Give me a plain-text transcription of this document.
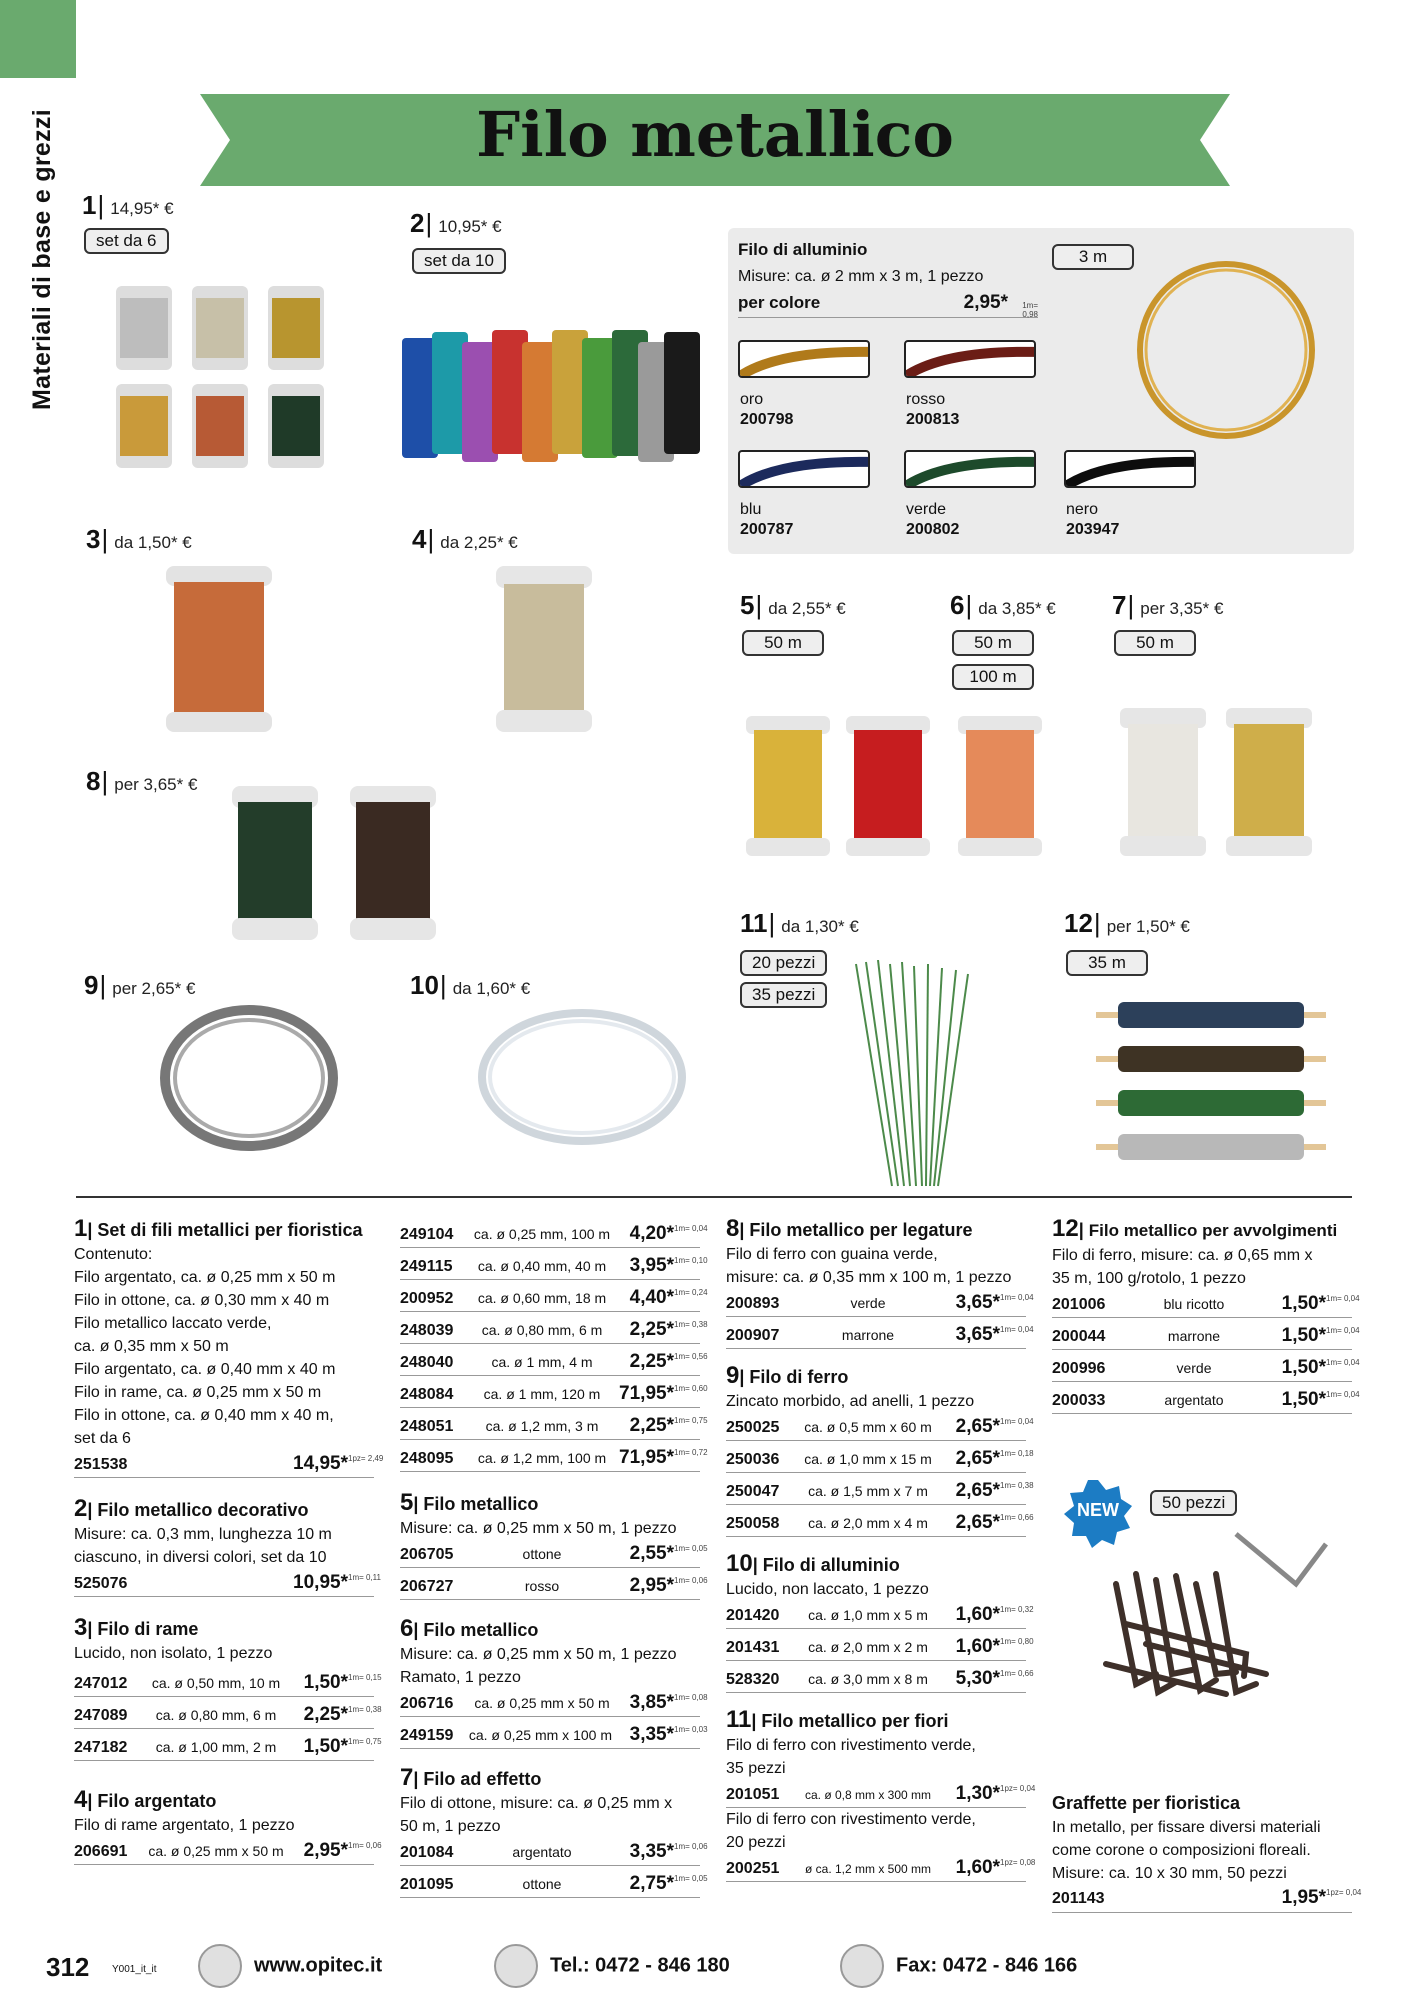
Materiali di base e grezzi	Filo metallico
1 | 14,95* €
set da 6
2 | 10,95* €
set da 10
Filo di alluminio
Misure: ca. ø 2 mm x 3 m, 1 pezzo
per colore	2,95*	1m= 0,98
3 m
oro
200798
rosso
200813
blu
200787
verde
200802
nero
203947
3 | da 1,50* €	4 | da 2,25* €
5 | da 2,55* €
50 m
6 | da 3,85* €
50 m
100 m
7 | per 3,35* €
50 m
8 | per 3,65* €
9 | per 2,65* €	10 | da 1,60* €
11 | da 1,30* €
20 pezzi
35 pezzi
12 | per 1,50* €
35 m
1| Set di fili metallici per fioristica
Contenuto:
Filo argentato, ca. ø 0,25 mm x 50 m
Filo in ottone, ca. ø 0,30 mm x 40 m
Filo metallico laccato verde,
ca. ø 0,35 mm x 50 m
Filo argentato, ca. ø 0,40 mm x 40 m
Filo in rame, ca. ø 0,25 mm x 50 m
Filo in ottone, ca. ø 0,40 mm x 40 m,
set da 6
251538	14,95* 1pz= 2,49
2| Filo metallico decorativo
Misure: ca. 0,3 mm, lunghezza 10 m
ciascuno, in diversi colori, set da 10
525076	10,95* 1m= 0,11
3| Filo di rame
Lucido, non isolato, 1 pezzo
247012	ca. ø 0,50 mm, 10 m	1,50* 1m= 0,15
247089	ca. ø 0,80 mm, 6 m	2,25* 1m= 0,38
247182	ca. ø 1,00 mm, 2 m	1,50* 1m= 0,75
4| Filo argentato
Filo di rame argentato, 1 pezzo
206691	ca. ø 0,25 mm x 50 m	2,95* 1m= 0,06
249104	ca. ø 0,25 mm, 100 m	4,20* 1m= 0,04
249115	ca. ø 0,40 mm, 40 m	3,95* 1m= 0,10
200952	ca. ø 0,60 mm, 18 m	4,40* 1m= 0,24
248039	ca. ø 0,80 mm, 6 m	2,25* 1m= 0,38
248040	ca. ø 1 mm, 4 m	2,25* 1m= 0,56
248084	ca. ø 1 mm, 120 m 71,95* 1m= 0,60
248051	ca. ø 1,2 mm, 3 m	2,25* 1m= 0,75
248095	ca. ø 1,2 mm, 100 m 71,95* 1m= 0,72
5| Filo metallico
Misure: ca. ø 0,25 mm x 50 m, 1 pezzo
206705	ottone	2,55* 1m= 0,05
206727	rosso	2,95* 1m= 0,06
6| Filo metallico
Misure: ca. ø 0,25 mm x 50 m, 1 pezzo
Ramato, 1 pezzo
206716	ca. ø 0,25 mm x 50 m	3,85* 1m= 0,08
249159	ca. ø 0,25 mm x 100 m 3,35* 1m= 0,03
7| Filo ad effetto
Filo di ottone, misure: ca. ø 0,25 mm x
50 m, 1 pezzo
201084	argentato	3,35* 1m= 0,06
201095	ottone	2,75* 1m= 0,05
8| Filo metallico per legature
Filo di ferro con guaina verde,
misure: ca. ø 0,35 mm x 100 m, 1 pezzo
200893	verde	3,65* 1m= 0,04
200907	marrone	3,65* 1m= 0,04
9| Filo di ferro
Zincato morbido, ad anelli, 1 pezzo
250025	ca. ø 0,5 mm x 60 m	2,65* 1m= 0,04
250036	ca. ø 1,0 mm x 15 m	2,65* 1m= 0,18
250047	ca. ø 1,5 mm x 7 m	2,65* 1m= 0,38
250058	ca. ø 2,0 mm x 4 m	2,65* 1m= 0,66
10| Filo di alluminio
Lucido, non laccato, 1 pezzo
201420	ca. ø 1,0 mm x 5 m	1,60* 1m= 0,32
201431	ca. ø 2,0 mm x 2 m	1,60* 1m= 0,80
528320	ca. ø 3,0 mm x 8 m	5,30* 1m= 0,66
11| Filo metallico per fiori
Filo di ferro con rivestimento verde,
35 pezzi
201051	ca. ø 0,8 mm x 300 mm	1,30* 1pz= 0,04
Filo di ferro con rivestimento verde,
20 pezzi
200251	ø ca. 1,2 mm x 500 mm	1,60* 1pz= 0,08
12| Filo metallico per avvolgimenti
Filo di ferro, misure: ca. ø 0,65 mm x
35 m, 100 g/rotolo, 1 pezzo
201006	blu ricotto	1,50* 1m= 0,04
200044	marrone	1,50* 1m= 0,04
200996	verde	1,50* 1m= 0,04
200033	argentato	1,50* 1m= 0,04
NEW	50 pezzi
Graffette per fioristica
In metallo, per fissare diversi materiali
come corone o composizioni floreali.
Misure: ca. 10 x 30 mm, 50 pezzi
201143	1,95* 1pz= 0,04
312 Y001_it_it	www.opitec.it	Tel.: 0472 - 846 180	Fax: 0472 - 846 166
